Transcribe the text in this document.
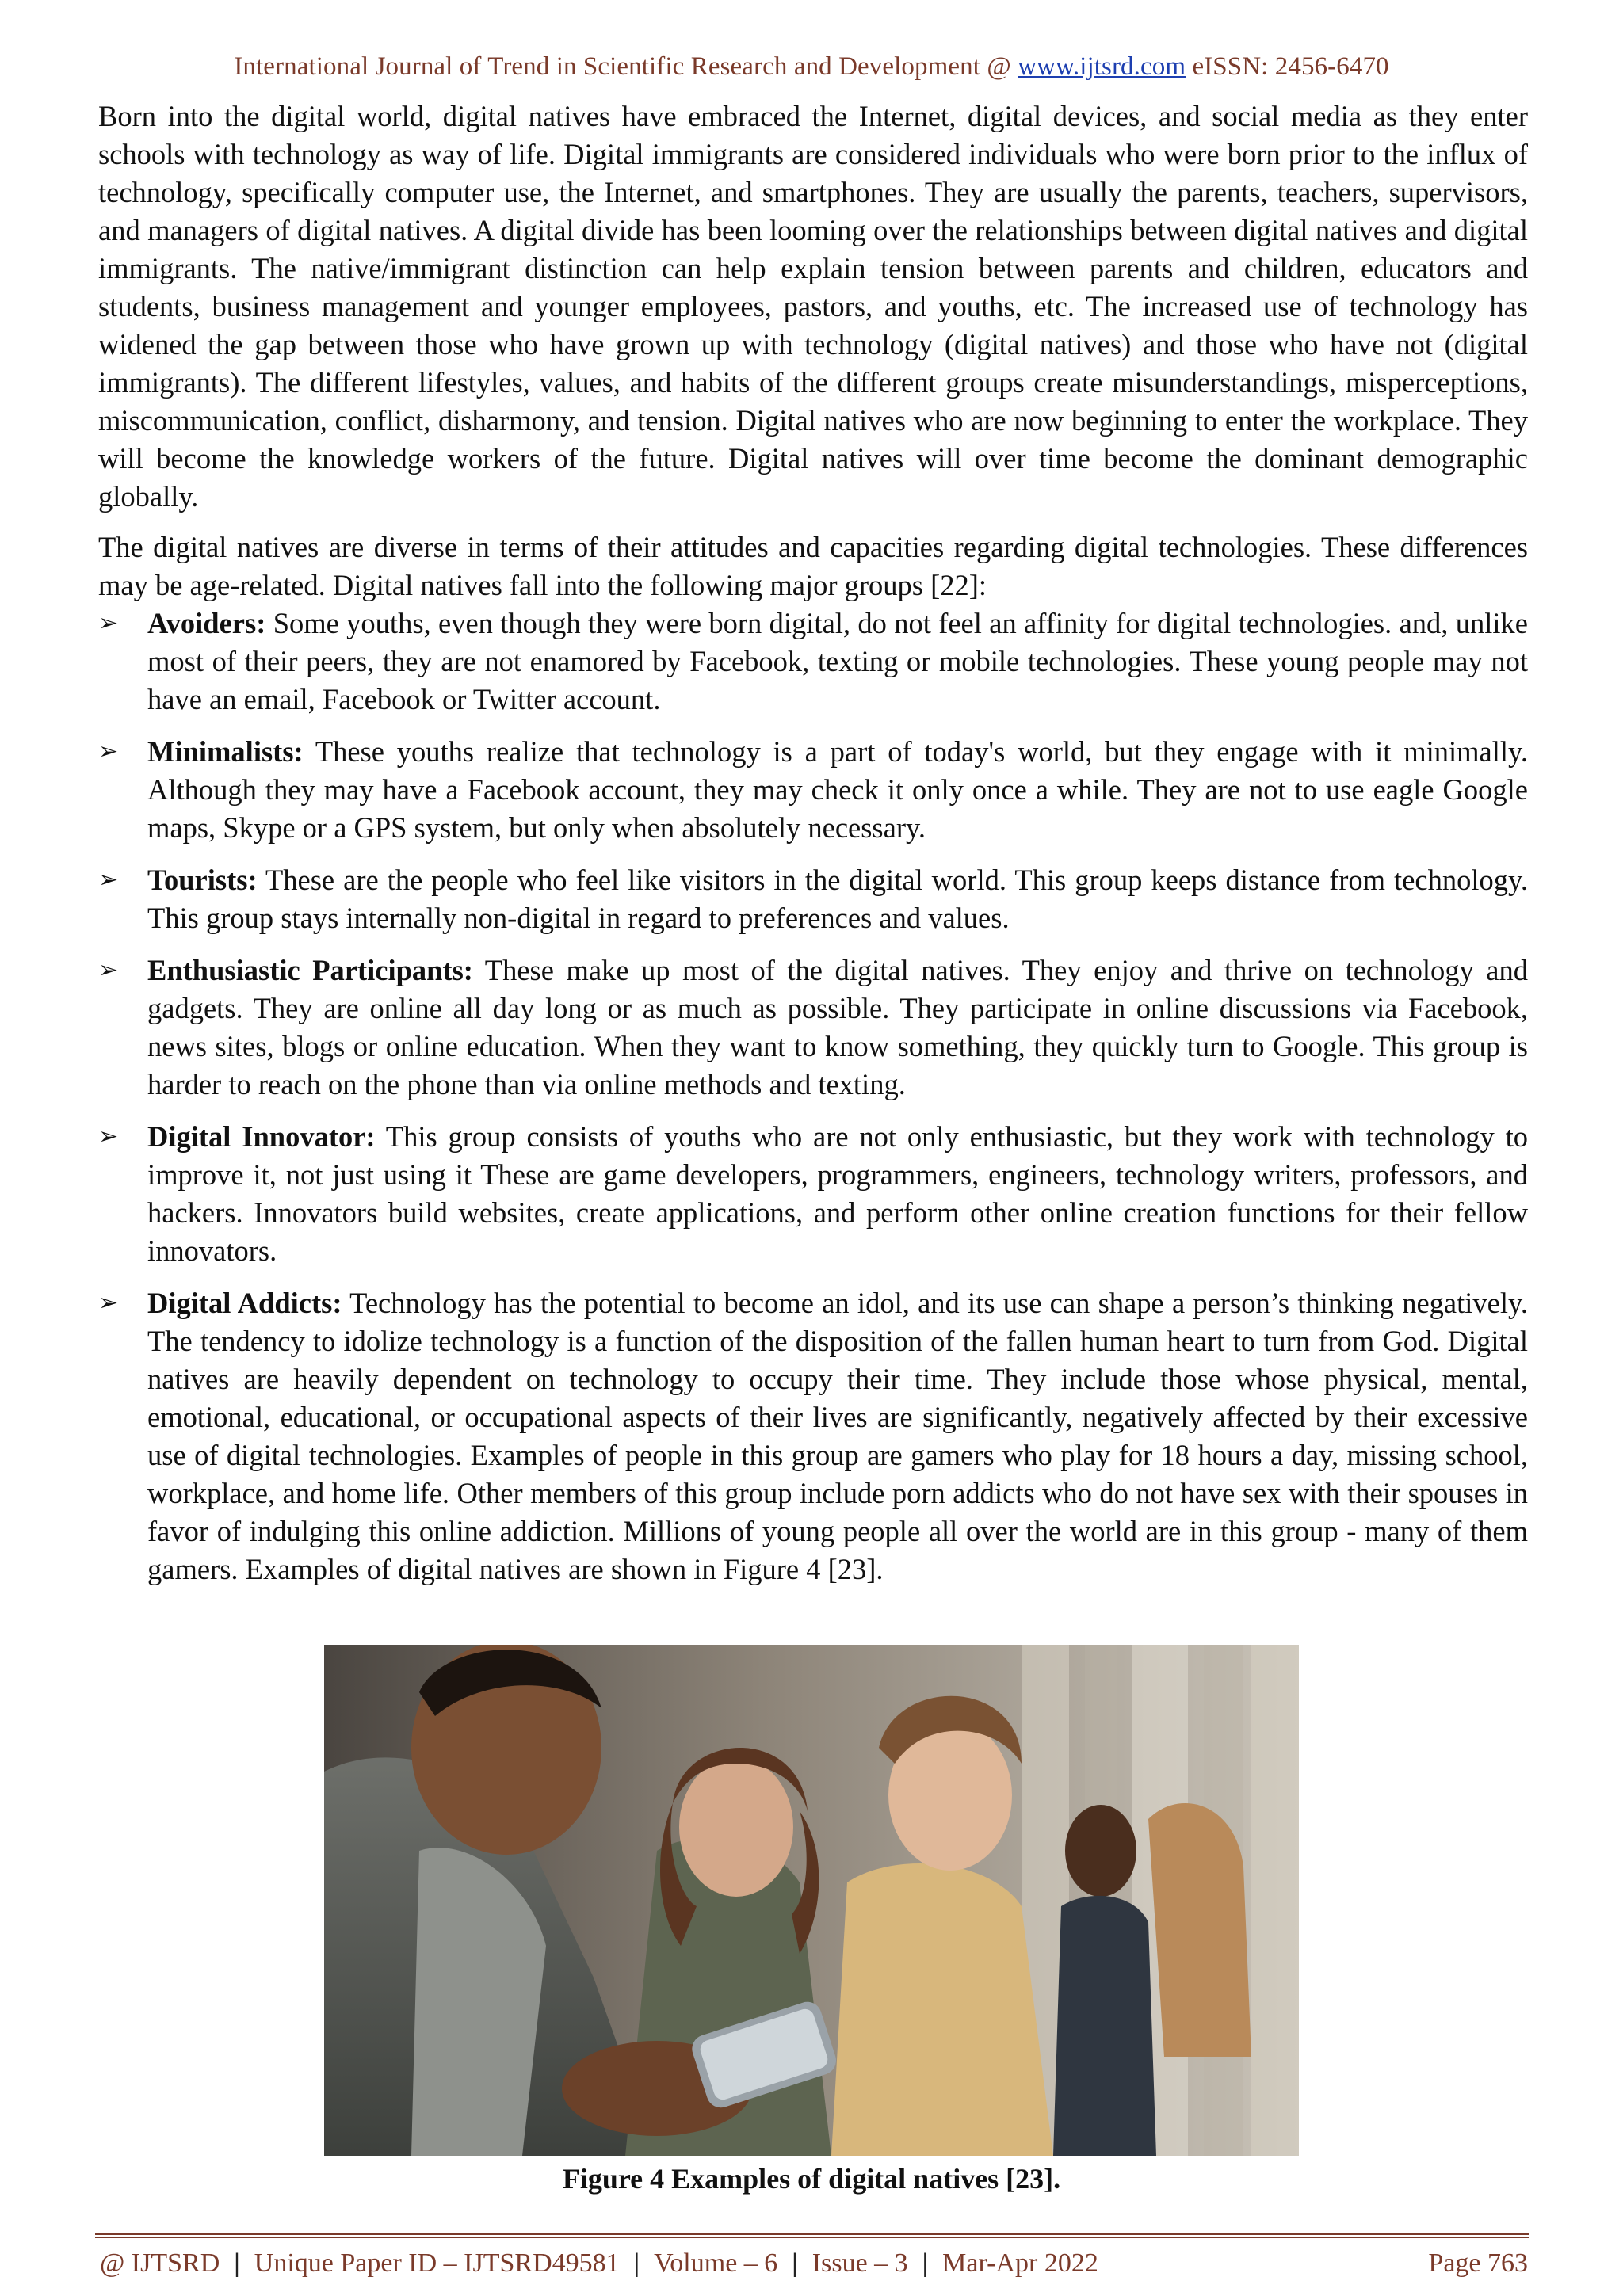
International Journal of Trend in Scientific Research and Development @ www.ijtsrd.com eISSN: 2456-6470

Born into the digital world, digital natives have embraced the Internet, digital devices, and social media as they enter schools with technology as way of life. Digital immigrants are considered individuals who were born prior to the influx of technology, specifically computer use, the Internet, and smartphones. They are usually the parents, teachers, supervisors, and managers of digital natives. A digital divide has been looming over the relationships between digital natives and digital immigrants. The native/immigrant distinction can help explain tension between parents and children, educators and students, business management and younger employees, pastors, and youths, etc. The increased use of technology has widened the gap between those who have grown up with technology (digital natives) and those who have not (digital immigrants). The different lifestyles, values, and habits of the different groups create misunderstandings, misperceptions, miscommunication, conflict, disharmony, and tension. Digital natives who are now beginning to enter the workplace. They will become the knowledge workers of the future. Digital natives will over time become the dominant demographic globally.

The digital natives are diverse in terms of their attitudes and capacities regarding digital technologies. These differences may be age-related. Digital natives fall into the following major groups [22]:

➢	Avoiders: Some youths, even though they were born digital, do not feel an affinity for digital technologies. and, unlike most of their peers, they are not enamored by Facebook, texting or mobile technologies. These young people may not have an email, Facebook or Twitter account.
➢	Minimalists: These youths realize that technology is a part of today's world, but they engage with it minimally. Although they may have a Facebook account, they may check it only once a while. They are not to use eagle Google maps, Skype or a GPS system, but only when absolutely necessary.
➢	Tourists: These are the people who feel like visitors in the digital world. This group keeps distance from technology. This group stays internally non-digital in regard to preferences and values.
➢	Enthusiastic Participants: These make up most of the digital natives. They enjoy and thrive on technology and gadgets. They are online all day long or as much as possible. They participate in online discussions via Facebook, news sites, blogs or online education. When they want to know something, they quickly turn to Google. This group is harder to reach on the phone than via online methods and texting.
➢	Digital Innovator: This group consists of youths who are not only enthusiastic, but they work with technology to improve it, not just using it These are game developers, programmers, engineers, technology writers, professors, and hackers. Innovators build websites, create applications, and perform other online creation functions for their fellow innovators.
➢	Digital Addicts: Technology has the potential to become an idol, and its use can shape a person’s thinking negatively. The tendency to idolize technology is a function of the disposition of the fallen human heart to turn from God. Digital natives are heavily dependent on technology to occupy their time. They include those whose physical, mental, emotional, educational, or occupational aspects of their lives are significantly, negatively affected by their excessive use of digital technologies. Examples of people in this group are gamers who play for 18 hours a day, missing school, workplace, and home life. Other members of this group include porn addicts who do not have sex with their spouses in favor of indulging this online addiction. Millions of young people all over the world are in this group - many of them gamers. Examples of digital natives are shown in Figure 4 [23].
Figure 4 Examples of digital natives [23].
@ IJTSRD | Unique Paper ID – IJTSRD49581 | Volume – 6 | Issue – 3 | Mar-Apr 2022	Page 763
